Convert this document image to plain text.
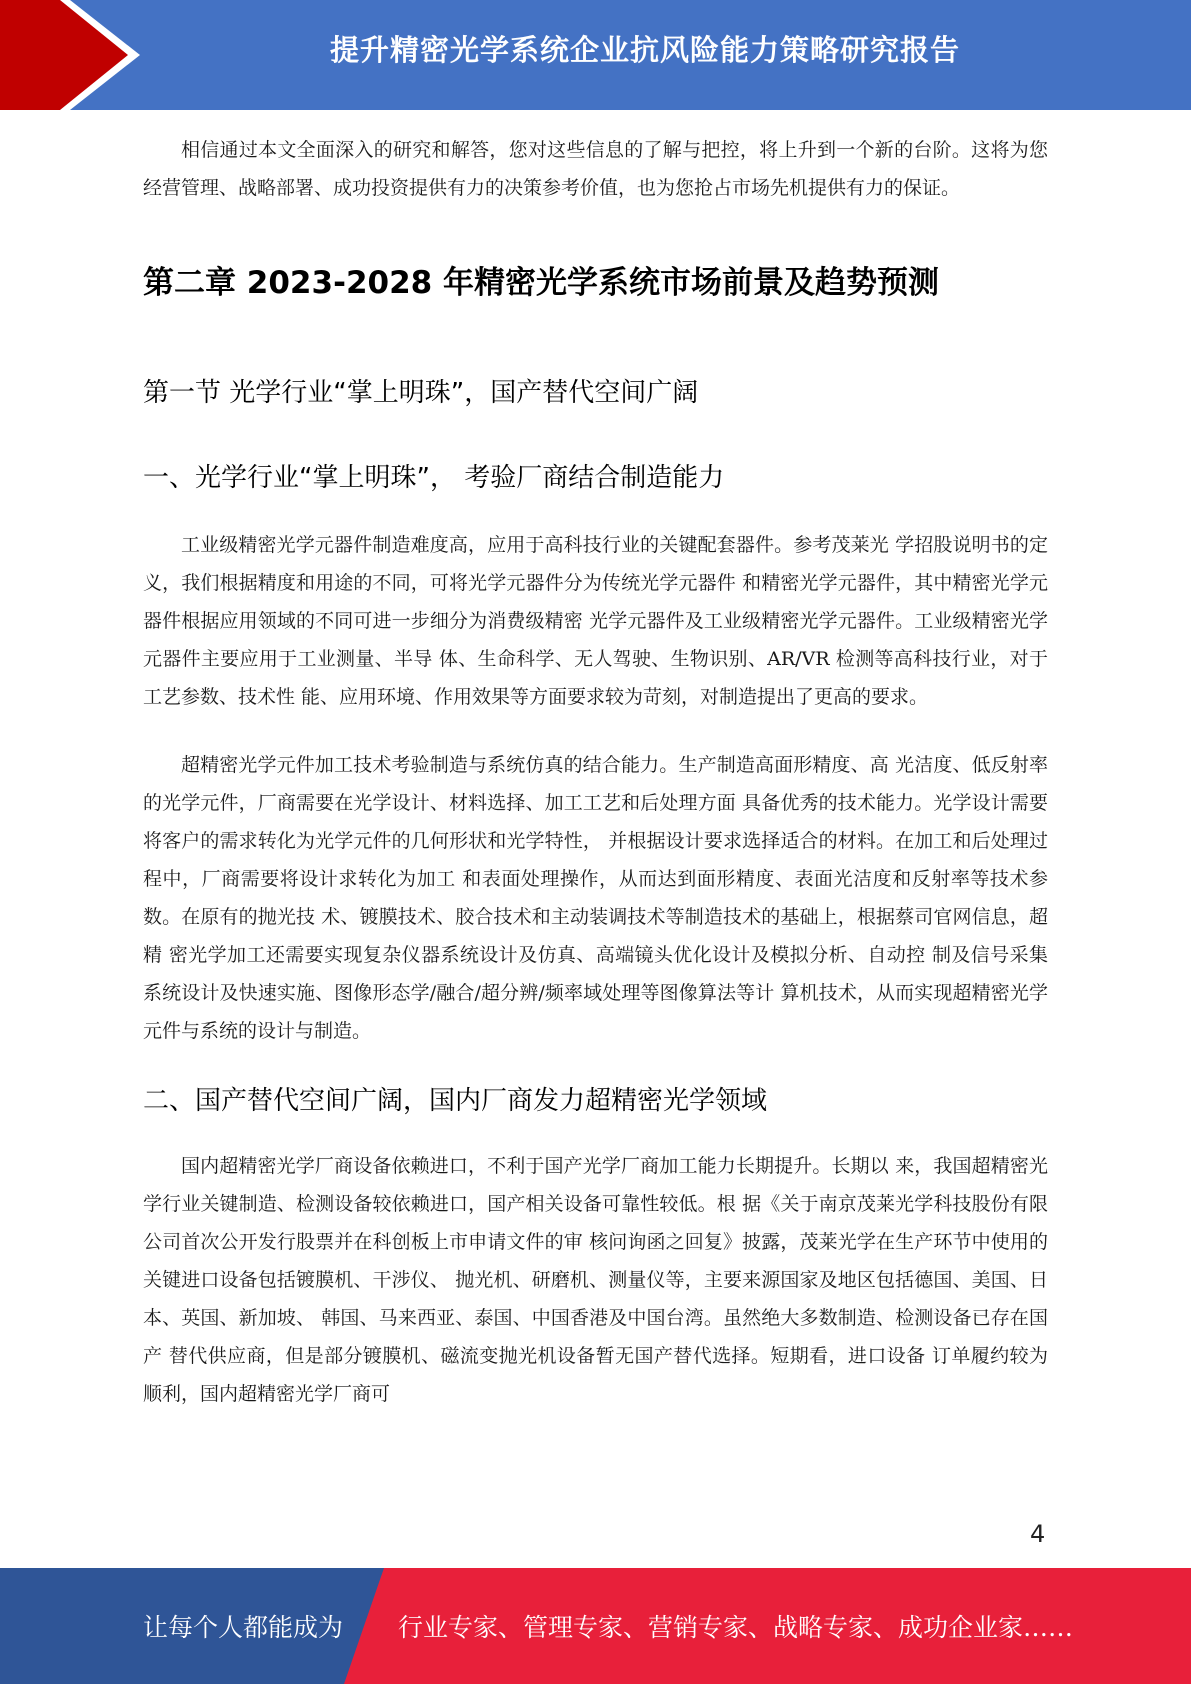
提升精密光学系统企业抗风险能力策略研究报告

相信通过本文全面深入的研究和解答，您对这些信息的了解与把控，将上升到一个新的台阶。这将为您经营管理、战略部署、成功投资提供有力的决策参考价值，也为您抢占市场先机提供有力的保证。

第二章 2023-2028 年精密光学系统市场前景及趋势预测
第一节 光学行业“掌上明珠”，国产替代空间广阔
一、光学行业“掌上明珠”， 考验厂商结合制造能力

工业级精密光学元器件制造难度高，应用于高科技行业的关键配套器件。参考茂莱光 学招股说明书的定义，我们根据精度和用途的不同，可将光学元器件分为传统光学元器件 和精密光学元器件，其中精密光学元器件根据应用领域的不同可进一步细分为消费级精密 光学元器件及工业级精密光学元器件。工业级精密光学元器件主要应用于工业测量、半导 体、生命科学、无人驾驶、生物识别、AR/VR 检测等高科技行业，对于工艺参数、技术性 能、应用环境、作用效果等方面要求较为苛刻，对制造提出了更高的要求。

超精密光学元件加工技术考验制造与系统仿真的结合能力。生产制造高面形精度、高 光洁度、低反射率的光学元件，厂商需要在光学设计、材料选择、加工工艺和后处理方面 具备优秀的技术能力。光学设计需要将客户的需求转化为光学元件的几何形状和光学特性， 并根据设计要求选择适合的材料。在加工和后处理过程中，厂商需要将设计求转化为加工 和表面处理操作，从而达到面形精度、表面光洁度和反射率等技术参数。在原有的抛光技 术、镀膜技术、胶合技术和主动装调技术等制造技术的基础上，根据蔡司官网信息，超精 密光学加工还需要实现复杂仪器系统设计及仿真、高端镜头优化设计及模拟分析、自动控 制及信号采集系统设计及快速实施、图像形态学/融合/超分辨/频率域处理等图像算法等计 算机技术，从而实现超精密光学元件与系统的设计与制造。

二、国产替代空间广阔，国内厂商发力超精密光学领域

国内超精密光学厂商设备依赖进口，不利于国产光学厂商加工能力长期提升。长期以 来，我国超精密光学行业关键制造、检测设备较依赖进口，国产相关设备可靠性较低。根 据《关于南京茂莱光学科技股份有限公司首次公开发行股票并在科创板上市申请文件的审 核问询函之回复》披露，茂莱光学在生产环节中使用的关键进口设备包括镀膜机、干涉仪、 抛光机、研磨机、测量仪等，主要来源国家及地区包括德国、美国、日本、英国、新加坡、 韩国、马来西亚、泰国、中国香港及中国台湾。虽然绝大多数制造、检测设备已存在国产 替代供应商，但是部分镀膜机、磁流变抛光机设备暂无国产替代选择。短期看，进口设备 订单履约较为顺利，国内超精密光学厂商可

4
让每个人都能成为 行业专家、管理专家、营销专家、战略专家、成功企业家……
